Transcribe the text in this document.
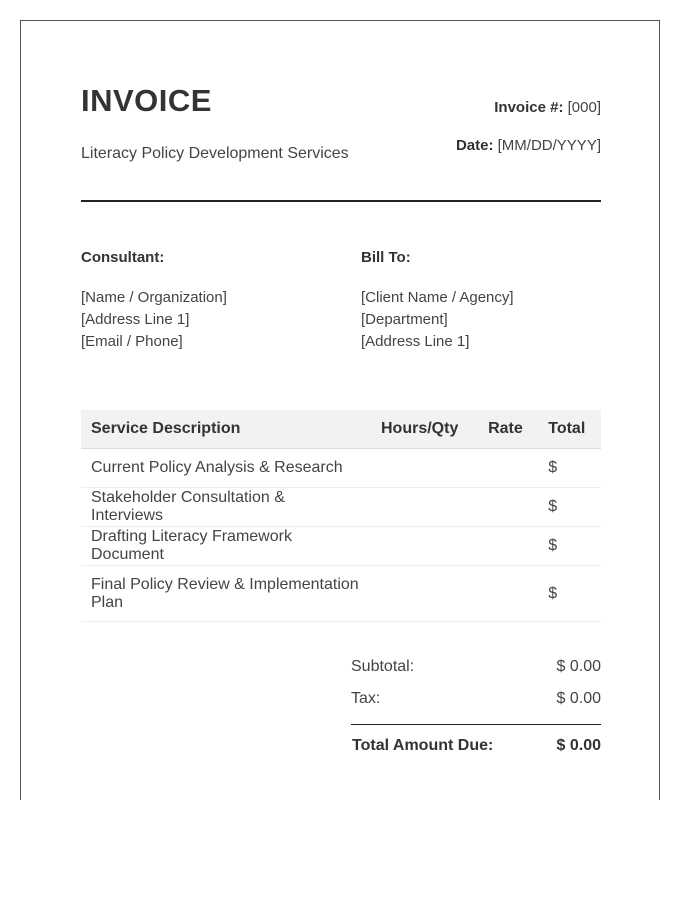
INVOICE
Literacy Policy Development Services
Invoice #: [000]
Date: [MM/DD/YYYY]
Consultant:
[Name / Organization]
[Address Line 1]
[Email / Phone]
Bill To:
[Client Name / Agency]
[Department]
[Address Line 1]
Service Description	Hours/Qty	Rate	Total
Current Policy Analysis & Research			$
Stakeholder Consultation & Interviews			$
Drafting Literacy Framework Document			$
Final Policy Review & Implementation Plan			$
Subtotal:	$ 0.00
Tax:	$ 0.00
Total Amount Due:	$ 0.00
